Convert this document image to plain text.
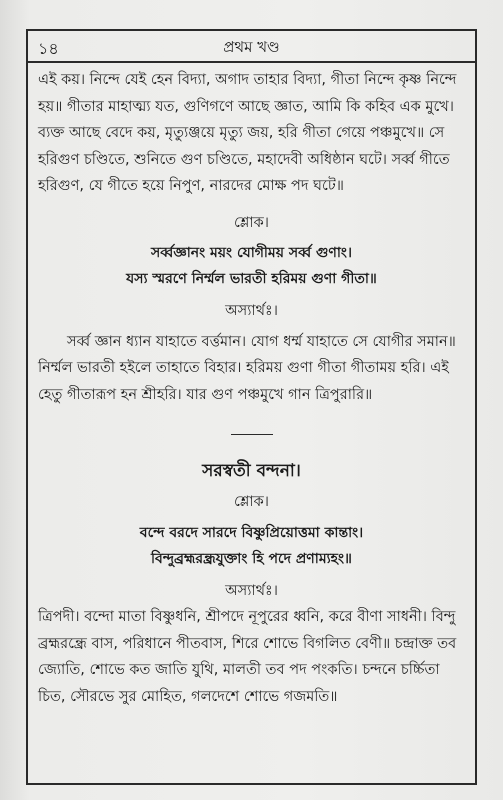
১৪	প্রথম খণ্ড

এই কয়। নিন্দে যেই হেন বিদ্যা, অগাদ তাহার বিদ্যা, গীতা নিন্দে কৃষ্ণ নিন্দে হয়॥ গীতার মাহাত্ম্য যত, গুণিগণে আছে জ্ঞাত, আমি কি কহিব এক মুখে। ব্যক্ত আছে বেদে কয়, মৃত্যুঞ্জয়ে মৃত্যু জয়, হরি গীতা গেয়ে পঞ্চমুখে॥ সে হরিগুণ চণ্ডিতে, শুনিতে গুণ চণ্ডিতে, মহাদেবী অধিষ্ঠান ঘটে। সর্ব্ব গীতে হরিগুণ, যে গীতে হয়ে নিপুণ, নারদের মোক্ষ পদ ঘটে॥

শ্লোক।

সর্ব্বজ্ঞানং ময়ং যোগীময় সর্ব্ব গুণাং।

যস্য স্মরণে নির্ম্মল ভারতী হরিময় গুণা গীতা॥

অস্যার্থঃ।

সর্ব্ব জ্ঞান ধ্যান যাহাতে বর্ত্তমান। যোগ ধর্ম্ম যাহাতে সে যোগীর সমান॥ নির্ম্মল ভারতী হইলে তাহাতে বিহার। হরিময় গুণা গীতা গীতাময় হরি। এই হেতু গীতারূপ হন শ্রীহরি। যার গুণ পঞ্চমুখে গান ত্রিপুরারি॥

সরস্বতী বন্দনা।

শ্লোক।

বন্দে বরদে সারদে বিষ্ণুপ্রিয়োত্তমা কান্তাং।

বিন্দুব্রহ্মরন্ধ্রযুক্তাং হি পদে প্রণাম্যহং॥

অস্যার্থঃ।

ত্রিপদী। বন্দো মাতা বিষ্ণুধনি, শ্রীপদে নূপুরের ধ্বনি, করে বীণা সাধনী। বিন্দু ব্রহ্মরন্ধ্রে বাস, পরিধানে পীতবাস, শিরে শোভে বিগলিত বেণী॥ চন্দ্রাক্ত তব জ্যোতি, শোভে কত জাতি যুথি, মালতী তব পদ পংকতি। চন্দনে চর্চ্চিতা চিত, সৌরভে সুর মোহিত, গলদেশে শোভে গজমতি॥
